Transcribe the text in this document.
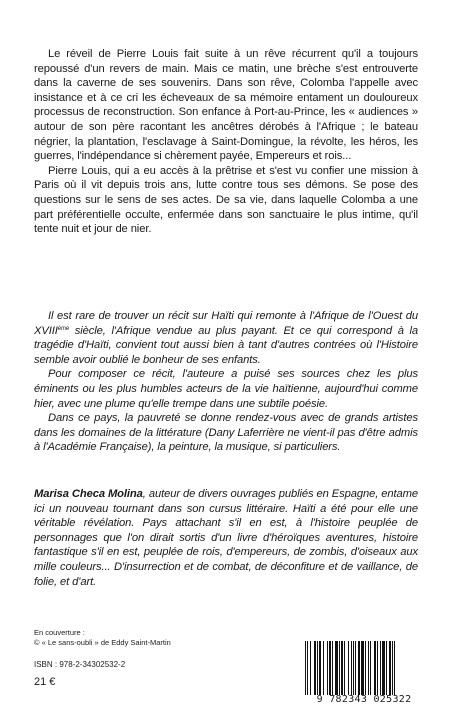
Le réveil de Pierre Louis fait suite à un rêve récurrent qu'il a toujours repoussé d'un revers de main. Mais ce matin, une brèche s'est entrouverte dans la caverne de ses souvenirs. Dans son rêve, Colomba l'appelle avec insistance et à ce cri les écheveaux de sa mémoire entament un douloureux processus de reconstruction. Son enfance à Port-au-Prince, les « audiences » autour de son père racontant les ancêtres dérobés à l'Afrique ; le bateau négrier, la plantation, l'esclavage à Saint-Domingue, la révolte, les héros, les guerres, l'indépendance si chèrement payée, Empereurs et rois...

Pierre Louis, qui a eu accès à la prêtrise et s'est vu confier une mission à Paris où il vit depuis trois ans, lutte contre tous ses démons. Se pose des questions sur le sens de ses actes. De sa vie, dans laquelle Colomba a une part préférentielle occulte, enfermée dans son sanctuaire le plus intime, qu'il tente nuit et jour de nier.

Il est rare de trouver un récit sur Haïti qui remonte à l'Afrique de l'Ouest du XVIIIème siècle, l'Afrique vendue au plus payant. Et ce qui correspond à la tragédie d'Haïti, convient tout aussi bien à tant d'autres contrées où l'Histoire semble avoir oublié le bonheur de ses enfants.

Pour composer ce récit, l'auteure a puisé ses sources chez les plus éminents ou les plus humbles acteurs de la vie haïtienne, aujourd'hui comme hier, avec une plume qu'elle trempe dans une subtile poésie.

Dans ce pays, la pauvreté se donne rendez-vous avec de grands artistes dans les domaines de la littérature (Dany Laferrière ne vient-il pas d'être admis à l'Académie Française), la peinture, la musique, si particuliers.

Marisa Checa Molina, auteur de divers ouvrages publiés en Espagne, entame ici un nouveau tournant dans son cursus littéraire. Haïti a été pour elle une véritable révélation. Pays attachant s'il en est, à l'histoire peuplée de personnages que l'on dirait sortis d'un livre d'héroïques aventures, histoire fantastique s'il en est, peuplée de rois, d'empereurs, de zombis, d'oiseaux aux mille couleurs... D'insurrection et de combat, de déconfiture et de vaillance, de folie, et d'art.

En couverture :
© « Le sans-oubli » de Eddy Saint-Martin
ISBN : 978-2-34302532-2
21 €
9 782343 025322
